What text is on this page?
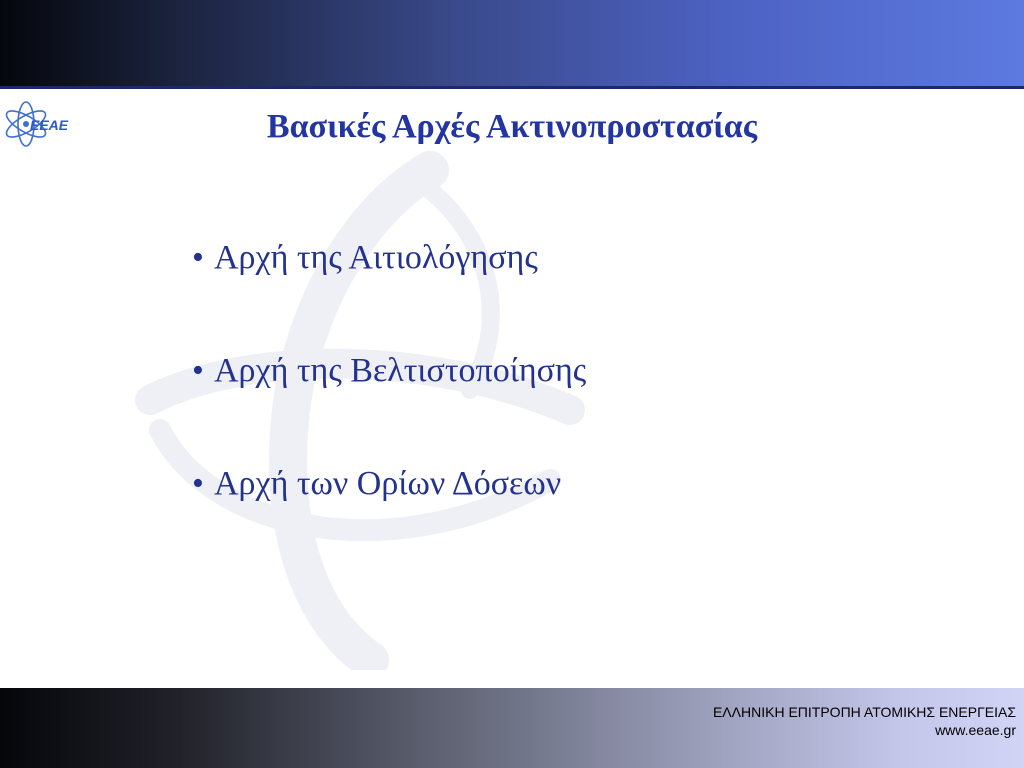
EEAE	Βασικές Αρχές Ακτινοπροστασίας
• Αρχή της Αιτιολόγησης
• Αρχή της Βελτιστοποίησης
• Αρχή των Ορίων Δόσεων
ΕΛΛΗΝΙΚΗ ΕΠΙΤΡΟΠΗ ΑΤΟΜΙΚΗΣ ΕΝΕΡΓΕΙΑΣ
www.eeae.gr
